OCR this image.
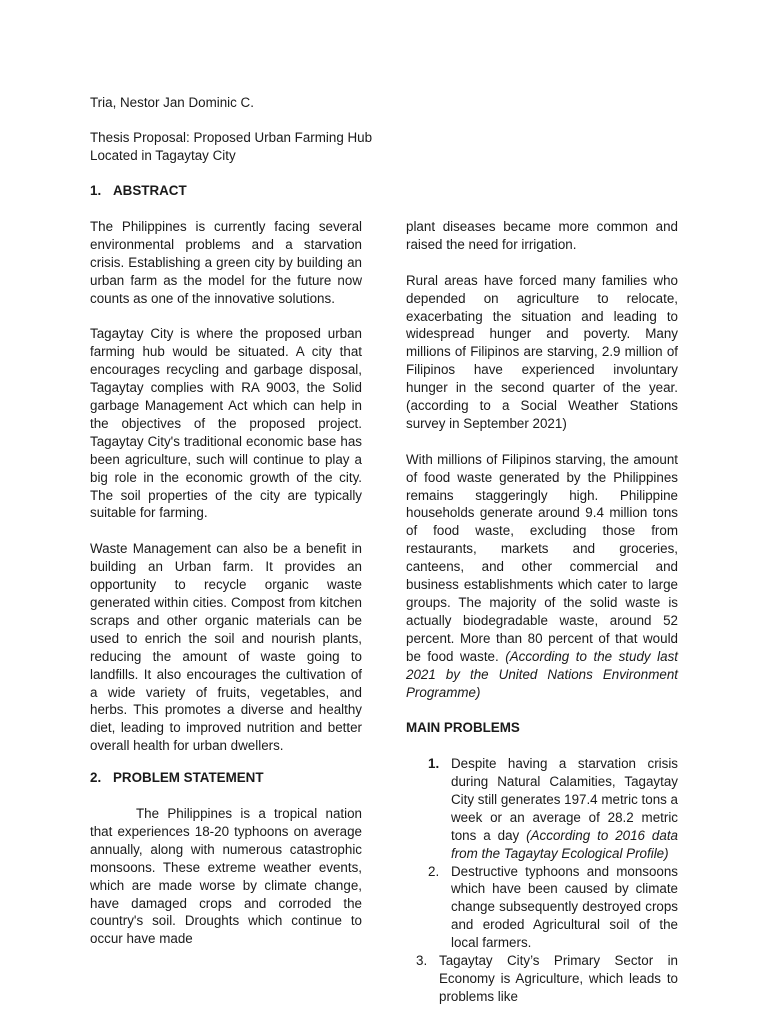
Tria, Nestor Jan Dominic C.

Thesis Proposal: Proposed Urban Farming Hub

Located in Tagaytay City

1. ABSTRACT

The Philippines is currently facing several environmental problems and a starvation crisis. Establishing a green city by building an urban farm as the model for the future now counts as one of the innovative solutions.

Tagaytay City is where the proposed urban farming hub would be situated. A city that encourages recycling and garbage disposal, Tagaytay complies with RA 9003, the Solid garbage Management Act which can help in the objectives of the proposed project. Tagaytay City's traditional economic base has been agriculture, such will continue to play a big role in the economic growth of the city. The soil properties of the city are typically suitable for farming.

Waste Management can also be a benefit in building an Urban farm. It provides an opportunity to recycle organic waste generated within cities. Compost from kitchen scraps and other organic materials can be used to enrich the soil and nourish plants, reducing the amount of waste going to landfills. It also encourages the cultivation of a wide variety of fruits, vegetables, and herbs. This promotes a diverse and healthy diet, leading to improved nutrition and better overall health for urban dwellers.

2. PROBLEM STATEMENT

The Philippines is a tropical nation that experiences 18-20 typhoons on average annually, along with numerous catastrophic monsoons. These extreme weather events, which are made worse by climate change, have damaged crops and corroded the country's soil. Droughts which continue to occur have made

plant diseases became more common and raised the need for irrigation.

Rural areas have forced many families who depended on agriculture to relocate, exacerbating the situation and leading to widespread hunger and poverty. Many millions of Filipinos are starving, 2.9 million of Filipinos have experienced involuntary hunger in the second quarter of the year. (according to a Social Weather Stations survey in September 2021)

With millions of Filipinos starving, the amount of food waste generated by the Philippines remains staggeringly high. Philippine households generate around 9.4 million tons of food waste, excluding those from restaurants, markets and groceries, canteens, and other commercial and business establishments which cater to large groups. The majority of the solid waste is actually biodegradable waste, around 52 percent. More than 80 percent of that would be food waste. (According to the study last 2021 by the United Nations Environment Programme)

MAIN PROBLEMS

1. Despite having a starvation crisis during Natural Calamities, Tagaytay City still generates 197.4 metric tons a week or an average of 28.2 metric tons a day (According to 2016 data from the Tagaytay Ecological Profile)
2. Destructive typhoons and monsoons which have been caused by climate change subsequently destroyed crops and eroded Agricultural soil of the local farmers.
3. Tagaytay City’s Primary Sector in Economy is Agriculture, which leads to problems like
